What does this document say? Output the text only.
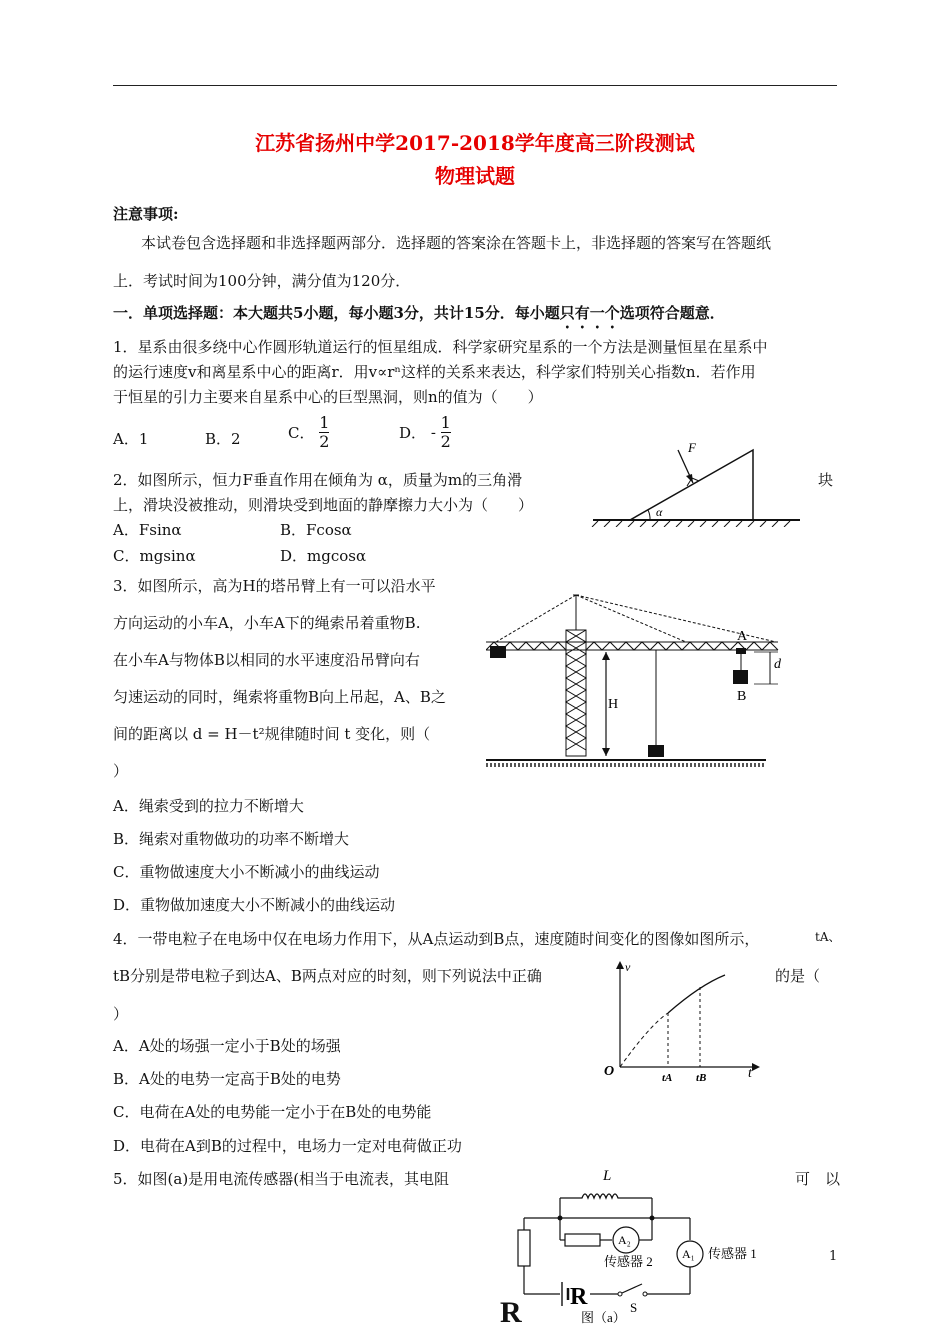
江苏省扬州中学2017-2018学年度高三阶段测试
物理试题
注意事项:
本试卷包含选择题和非选择题两部分．选择题的答案涂在答题卡上，非选择题的答案写在答题纸
上．考试时间为100分钟，满分值为120分．
一．单项选择题：本大题共5小题，每小题3分，共计15分．每小题只有一个选项符合题意．
1．星系由很多绕中心作圆形轨道运行的恒星组成．科学家研究星系的一个方法是测量恒星在星系中
的运行速度v和离星系中心的距离r．用v∝rⁿ这样的关系来表达，科学家们特别关心指数n．若作用
于恒星的引力主要来自星系中心的巨型黑洞，则n的值为（　　）
A．1	B．2	C． $\frac{1}{2}$	D． - $\frac{1}{2}$
2．如图所示，恒力F垂直作用在倾角为 α，质量为m的三角滑	块
上，滑块没被推动，则滑块受到地面的静摩擦力大小为（　　）
A．Fsinα	B．Fcosα
C．mgsinα	D．mgcosα
F
α
3．如图所示，高为H的塔吊臂上有一可以沿水平
方向运动的小车A，小车A下的绳索吊着重物B.
在小车A与物体B以相同的水平速度沿吊臂向右
匀速运动的同时，绳索将重物B向上吊起，A、B之
间的距离以 d = H－t²规律随时间 t 变化，则（
）
A．绳索受到的拉力不断增大
B．绳索对重物做功的功率不断增大
C．重物做速度大小不断减小的曲线运动
D．重物做加速度大小不断减小的曲线运动
H
A
B
d
4．一带电粒子在电场中仅在电场力作用下，从A点运动到B点，速度随时间变化的图像如图所示，	tA、
tB分别是带电粒子到达A、B两点对应的时刻，则下列说法中正确	的是（
）
A．A处的场强一定小于B处的场强
B．A处的电势一定高于B处的电势
C．电荷在A处的电势能一定小于在B处的电势能
D．电荷在A到B的过程中，电场力一定对电荷做正功
v
O	t
tA tB
5．如图(a)是用电流传感器(相当于电流表，其电阻	可　以
L
A₂
传感器 2 A₁ 传感器 1
R	S
图（a）
R
1
